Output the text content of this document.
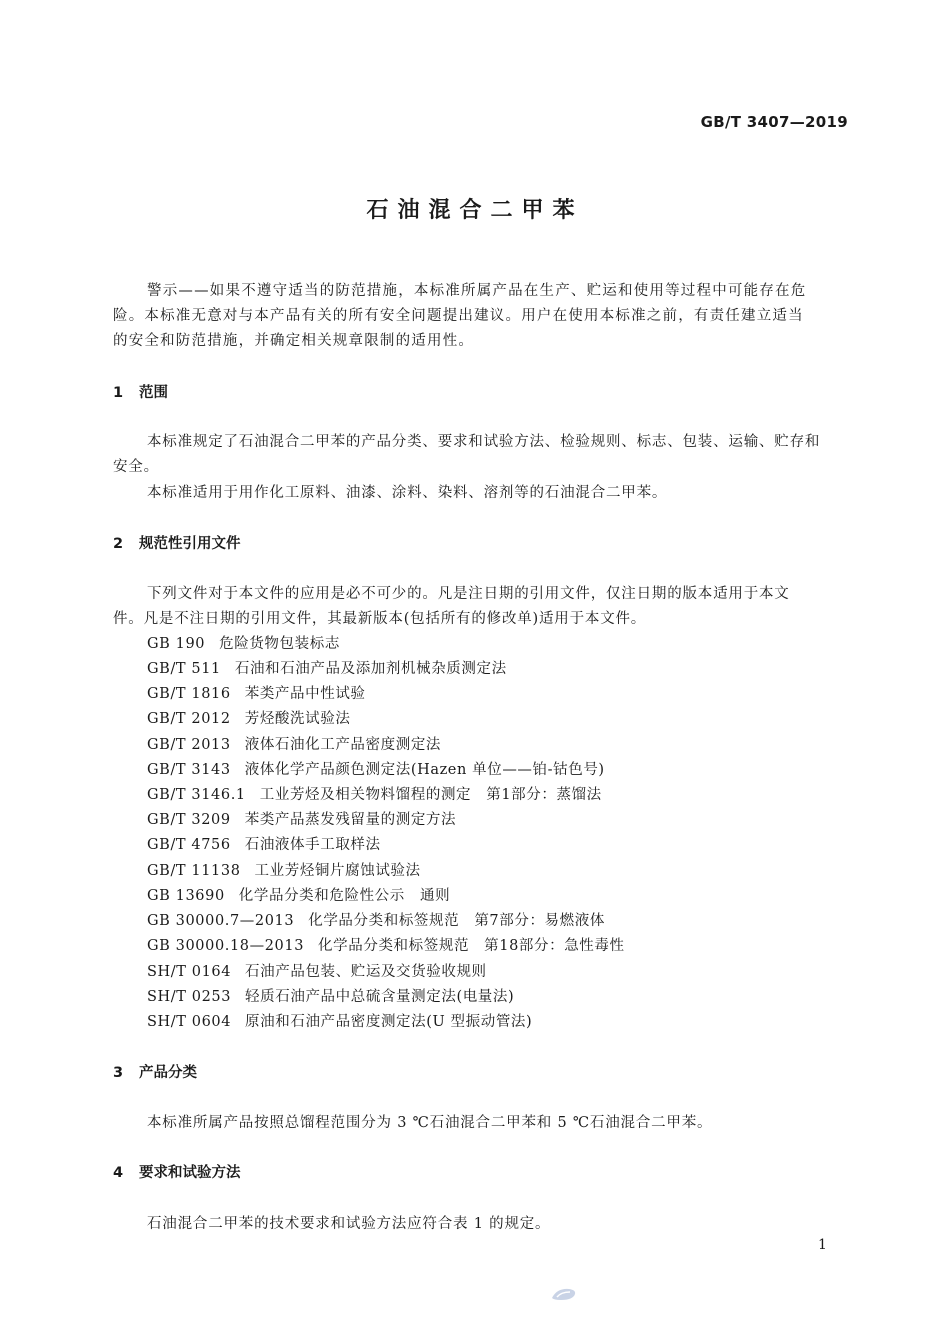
GB/T 3407—2019
石油混合二甲苯
警示——如果不遵守适当的防范措施，本标准所属产品在生产、贮运和使用等过程中可能存在危
险。本标准无意对与本产品有关的所有安全问题提出建议。用户在使用本标准之前，有责任建立适当
的安全和防范措施，并确定相关规章限制的适用性。
1 范围
本标准规定了石油混合二甲苯的产品分类、要求和试验方法、检验规则、标志、包装、运输、贮存和
安全。
本标准适用于用作化工原料、油漆、涂料、染料、溶剂等的石油混合二甲苯。
2 规范性引用文件
下列文件对于本文件的应用是必不可少的。凡是注日期的引用文件，仅注日期的版本适用于本文
件。凡是不注日期的引用文件，其最新版本(包括所有的修改单)适用于本文件。
GB 190 危险货物包装标志
GB/T 511 石油和石油产品及添加剂机械杂质测定法
GB/T 1816 苯类产品中性试验
GB/T 2012 芳烃酸洗试验法
GB/T 2013 液体石油化工产品密度测定法
GB/T 3143 液体化学产品颜色测定法(Hazen 单位——铂-钴色号)
GB/T 3146.1 工业芳烃及相关物料馏程的测定　第1部分：蒸馏法
GB/T 3209 苯类产品蒸发残留量的测定方法
GB/T 4756 石油液体手工取样法
GB/T 11138 工业芳烃铜片腐蚀试验法
GB 13690 化学品分类和危险性公示　通则
GB 30000.7—2013 化学品分类和标签规范　第7部分：易燃液体
GB 30000.18—2013 化学品分类和标签规范　第18部分：急性毒性
SH/T 0164 石油产品包装、贮运及交货验收规则
SH/T 0253 轻质石油产品中总硫含量测定法(电量法)
SH/T 0604 原油和石油产品密度测定法(U 型振动管法)
3 产品分类
本标准所属产品按照总馏程范围分为 3 ℃石油混合二甲苯和 5 ℃石油混合二甲苯。
4 要求和试验方法
石油混合二甲苯的技术要求和试验方法应符合表 1 的规定。
1
